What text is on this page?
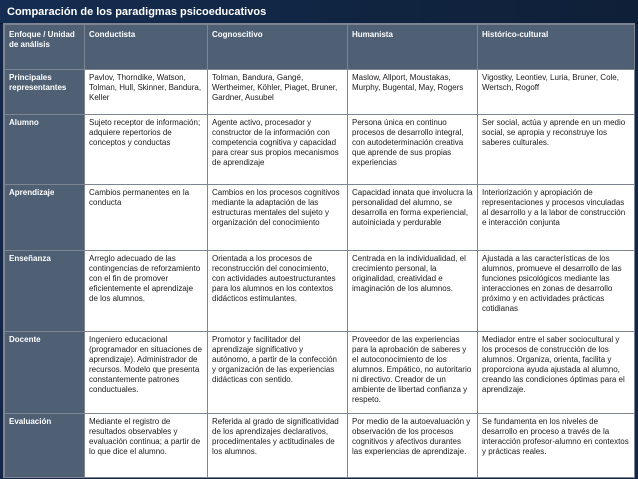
Comparación de los paradigmas psicoeducativos
Enfoque / Unidad de análisis	Conductista	Cognoscitivo	Humanista	Histórico-cultural
Principales representantes	Pavlov, Thorndike, Watson, Tolman, Hull, Skinner, Bandura, Keller	Tolman, Bandura, Gangé, Wertheimer, Köhler, Piaget, Bruner, Gardner, Ausubel	Maslow, Allport, Moustakas, Murphy, Bugental, May, Rogers	Vigostky, Leontiev, Luria, Bruner, Cole, Wertsch, Rogoff
Alumno	Sujeto receptor de información; adquiere repertorios de conceptos y conductas	Agente activo, procesador y constructor de la información con competencia cognitiva y capacidad para crear sus propios mecanismos de aprendizaje	Persona única en continuo procesos de desarrollo integral, con autodeterminación creativa que aprende de sus propias experiencias	Ser social, actúa y aprende en un medio social, se apropia y reconstruye los saberes culturales.
Aprendizaje	Cambios permanentes en la conducta	Cambios en los procesos cognitivos mediante la adaptación de las estructuras mentales del sujeto y organización del conocimiento	Capacidad innata que involucra la personalidad del alumno, se desarrolla en forma experiencial, autoiniciada y perdurable	Interiorización y apropiación de representaciones y procesos vinculadas al desarrollo y a la labor de construcción e interacción conjunta
Enseñanza	Arreglo adecuado de las contingencias de reforzamiento con el fin de promover eficientemente el aprendizaje de los alumnos.	Orientada a los procesos de reconstrucción del conocimiento, con actividades autoestructurantes para los alumnos en los contextos didácticos estimulantes.	Centrada en la individualidad, el crecimiento personal, la originalidad, creatividad e imaginación de los alumnos.	Ajustada a las características de los alumnos, promueve el desarrollo de las funciones psicológicos mediante las interacciones en zonas de desarrollo próximo y en actividades prácticas cotidianas
Docente	Ingeniero educacional (programador en situaciones de aprendizaje). Administrador de recursos. Modelo que presenta constantemente patrones conductuales.	Promotor y facilitador del aprendizaje significativo y autónomo, a partir de la confección y organización de las experiencias didácticas con sentido.	Proveedor de las experiencias para la aprobación de saberes y el autoconocimiento de los alumnos. Empático, no autoritario ni directivo. Creador de un ambiente de libertad confianza y respeto.	Mediador entre el saber sociocultural y los procesos de construcción de los alumnos. Organiza, orienta, facilita y proporciona ayuda ajustada al alumno, creando las condiciones óptimas para el aprendizaje.
Evaluación	Mediante el registro de resultados observables y evaluación continua; a partir de lo que dice el alumno.	Referida al grado de significatividad de los aprendizajes declarativos, procedimentales y actitudinales de los alumnos.	Por medio de la autoevaluación y observación de los procesos cognitivos y afectivos durantes las experiencias de aprendizaje.	Se fundamenta en los niveles de desarrollo en proceso a través de la interacción profesor-alumno en contextos y prácticas reales.
